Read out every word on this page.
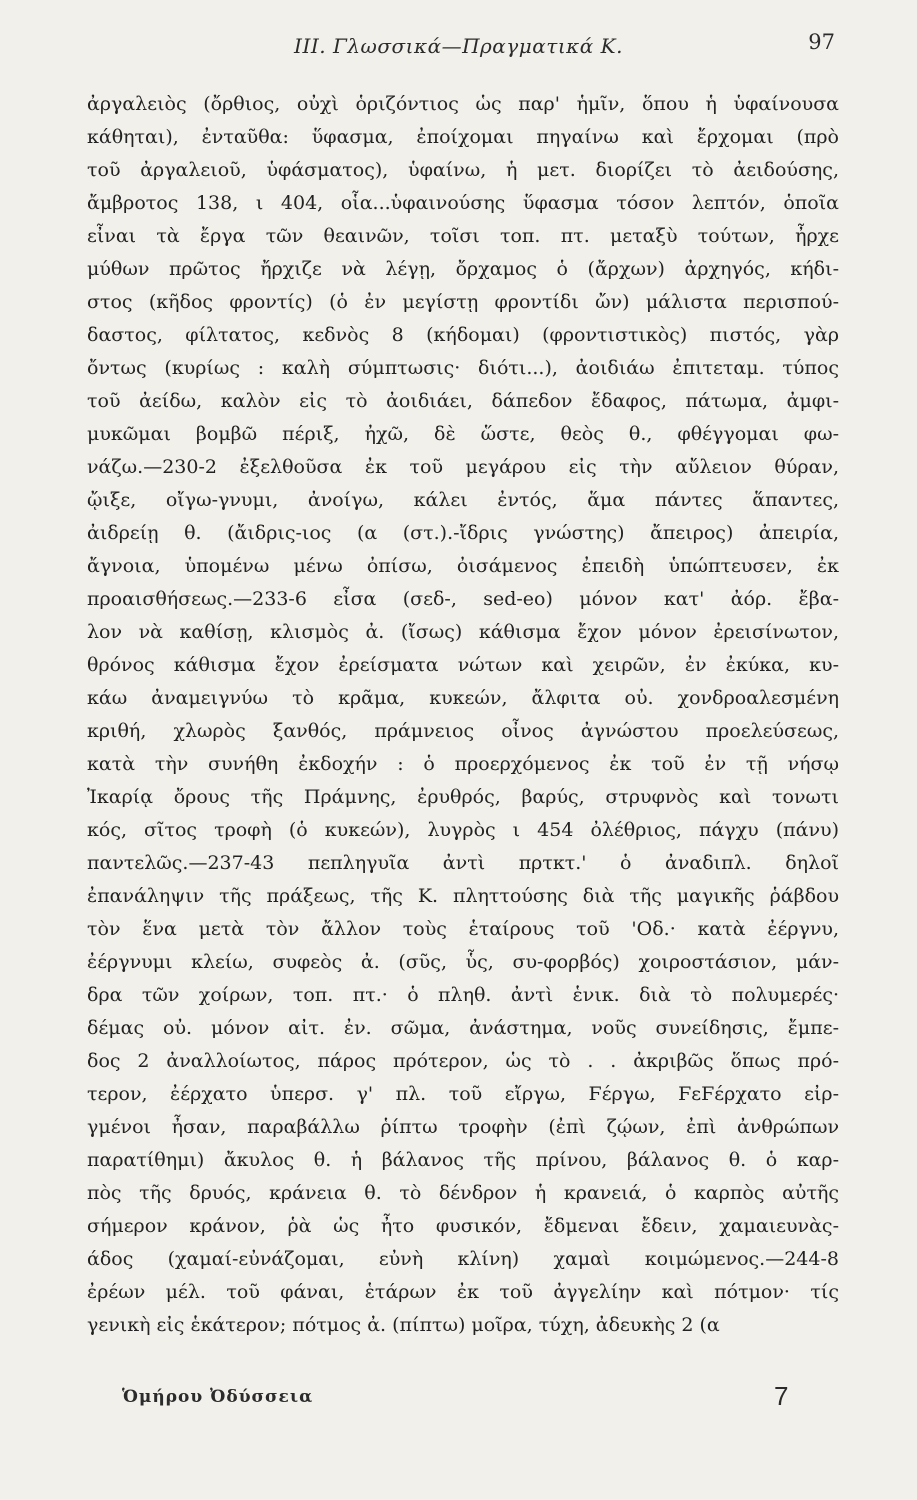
III. Γλωσσικά—Πραγματικά Κ.	97
ἀργαλειὸς (ὄρθιος, οὐχὶ ὁριζόντιος ὡς παρ' ἡμῖν, ὅπου ἡ ὑφαίνουσα
κάθηται), ἐνταῦθα: ὕφασμα, ἐποίχομαι πηγαίνω καὶ ἔρχομαι (πρὸ
τοῦ ἀργαλειοῦ, ὑφάσματος), ὑφαίνω, ἡ μετ. διορίζει τὸ ἀειδούσης,
ἄμβροτος 138, ι 404, οἷα...ὑφαινούσης ὕφασμα τόσον λεπτόν, ὁποῖα
εἶναι τὰ ἔργα τῶν θεαινῶν, τοῖσι τοπ. πτ. μεταξὺ τούτων, ἦρχε
μύθων πρῶτος ἤρχιζε νὰ λέγῃ, ὄρχαμος ὁ (ἄρχων) ἀρχηγός, κήδι-
στος (κῆδος φροντίς) (ὁ ἐν μεγίστῃ φροντίδι ὤν) μάλιστα περισπού-
δαστος, φίλτατος, κεδνὸς 8 (κήδομαι) (φροντιστικὸς) πιστός, γὰρ
ὄντως (κυρίως : καλὴ σύμπτωσις· διότι...), ἀοιδιάω ἐπιτεταμ. τύπος
τοῦ ἀείδω, καλὸν εἰς τὸ ἀοιδιάει, δάπεδον ἔδαφος, πάτωμα, ἀμφι-
μυκῶμαι βομβῶ πέριξ, ἠχῶ, δὲ ὥστε, θεὸς θ., φθέγγομαι φω-
νάζω.—230-2 ἐξελθοῦσα ἐκ τοῦ μεγάρου εἰς τὴν αὔλειον θύραν,
ᾤιξε, οἴγω-γνυμι, ἀνοίγω, κάλει ἐντός, ἅμα πάντες ἅπαντες,
ἀιδρείῃ θ. (ἄιδρις-ιος (α (στ.).-ἴδρις γνώστης) ἄπειρος) ἀπειρία,
ἄγνοια, ὑπομένω μένω ὀπίσω, ὀισάμενος ἐπειδὴ ὑπώπτευσεν, ἐκ
προαισθήσεως.—233-6 εἶσα (σεδ-, sed-eo) μόνον κατ' ἀόρ. ἔβα-
λον νὰ καθίσῃ, κλισμὸς ἀ. (ἴσως) κάθισμα ἔχον μόνον ἐρεισίνωτον,
θρόνος κάθισμα ἔχον ἐρείσματα νώτων καὶ χειρῶν, ἐν ἐκύκα, κυ-
κάω ἀναμειγνύω τὸ κρᾶμα, κυκεών, ἄλφιτα οὐ. χονδροαλεσμένη
κριθή, χλωρὸς ξανθός, πράμνειος οἶνος ἀγνώστου προελεύσεως,
κατὰ τὴν συνήθη ἐκδοχήν : ὁ προερχόμενος ἐκ τοῦ ἐν τῇ νήσῳ
Ἰκαρίᾳ ὄρους τῆς Πράμνης, ἐρυθρός, βαρύς, στρυφνὸς καὶ τονωτι
κός, σῖτος τροφὴ (ὁ κυκεών), λυγρὸς ι 454 ὀλέθριος, πάγχυ (πάνυ)
παντελῶς.—237-43 πεπληγυῖα ἀντὶ πρτκτ.' ὁ ἀναδιπλ. δηλοῖ
ἐπανάληψιν τῆς πράξεως, τῆς Κ. πληττούσης διὰ τῆς μαγικῆς ῥάβδου
τὸν ἕνα μετὰ τὸν ἄλλον τοὺς ἑταίρους τοῦ 'Οδ.· κατὰ ἐέργνυ,
ἐέργνυμι κλείω, συφεὸς ἀ. (σῦς, ὗς, συ-φορβός) χοιροστάσιον, μάν-
δρα τῶν χοίρων, τοπ. πτ.· ὁ πληθ. ἀντὶ ἑνικ. διὰ τὸ πολυμερές·
δέμας οὐ. μόνον αἰτ. ἐν. σῶμα, ἀνάστημα, νοῦς συνείδησις, ἔμπε-
δος 2 ἀναλλοίωτος, πάρος πρότερον, ὡς τὸ . . ἀκριβῶς ὅπως πρό-
τερον, ἐέρχατο ὑπερσ. γ' πλ. τοῦ εἴργω, Ϝέργω, ϜεϜέρχατο εἰρ-
γμένοι ἦσαν, παραβάλλω ῥίπτω τροφὴν (ἐπὶ ζῴων, ἐπὶ ἀνθρώπων
παρατίθημι) ἄκυλος θ. ἡ βάλανος τῆς πρίνου, βάλανος θ. ὁ καρ-
πὸς τῆς δρυός, κράνεια θ. τὸ δένδρον ἡ κρανειά, ὁ καρπὸς αὐτῆς
σήμερον κράνον, ῥὰ ὡς ἦτο φυσικόν, ἔδμεναι ἔδειν, χαμαιευνὰς-
άδος (χαμαί-εὐνάζομαι, εὐνὴ κλίνη) χαμαὶ κοιμώμενος.—244-8
ἐρέων μέλ. τοῦ φάναι, ἑτάρων ἐκ τοῦ ἀγγελίην καὶ πότμον· τίς
γενικὴ εἰς ἑκάτερον; πότμος ἀ. (πίπτω) μοῖρα, τύχη, ἀδευκὴς 2 (α
Ὁμήρου Ὀδύσσεια	7
